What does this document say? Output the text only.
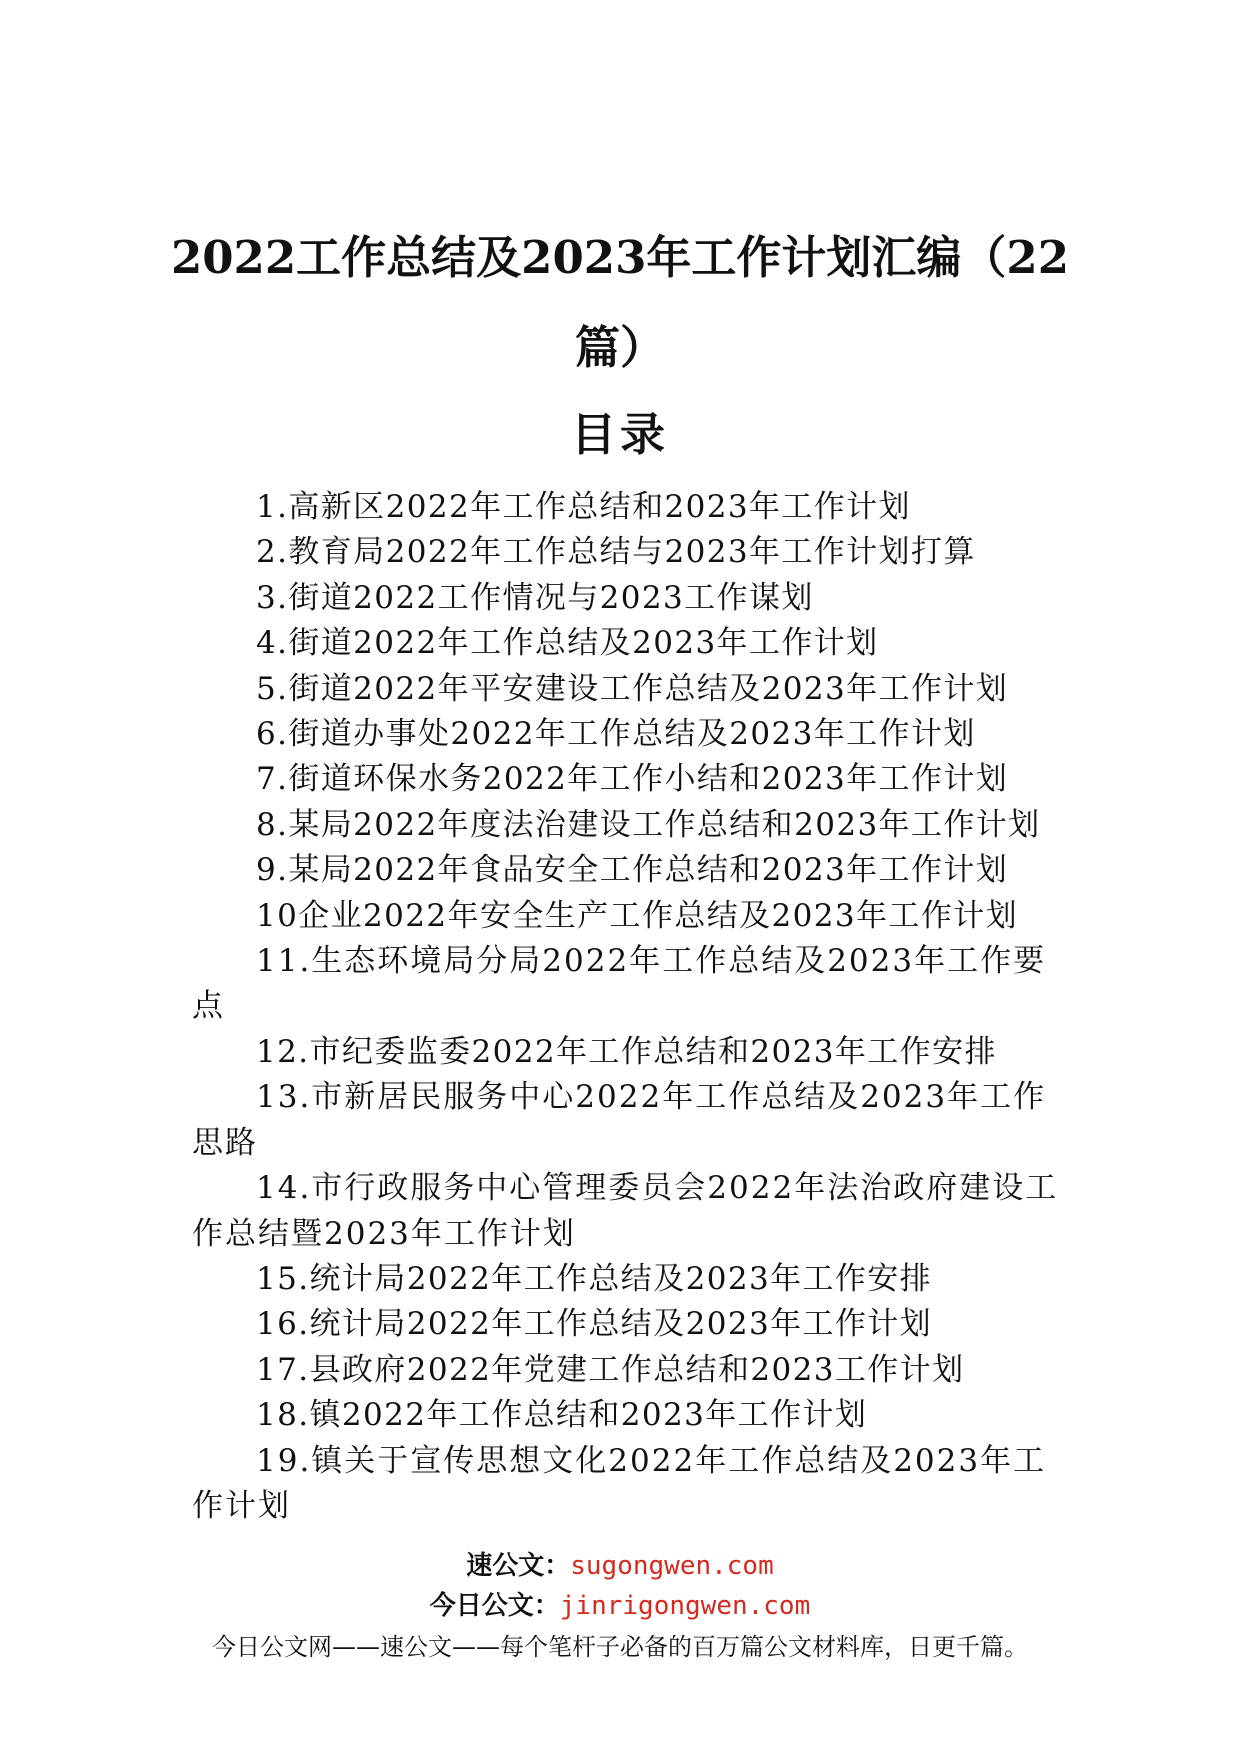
2022工作总结及2023年工作计划汇编（22
篇）
目录
1.高新区2022年工作总结和2023年工作计划
2.教育局2022年工作总结与2023年工作计划打算
3.街道2022工作情况与2023工作谋划
4.街道2022年工作总结及2023年工作计划
5.街道2022年平安建设工作总结及2023年工作计划
6.街道办事处2022年工作总结及2023年工作计划
7.街道环保水务2022年工作小结和2023年工作计划
8.某局2022年度法治建设工作总结和2023年工作计划
9.某局2022年食品安全工作总结和2023年工作计划
10企业2022年安全生产工作总结及2023年工作计划
11.生态环境局分局2022年工作总结及2023年工作要点
12.市纪委监委2022年工作总结和2023年工作安排
13.市新居民服务中心2022年工作总结及2023年工作思路
14.市行政服务中心管理委员会2022年法治政府建设工作总结暨2023年工作计划
15.统计局2022年工作总结及2023年工作安排
16.统计局2022年工作总结及2023年工作计划
17.县政府2022年党建工作总结和2023工作计划
18.镇2022年工作总结和2023年工作计划
19.镇关于宣传思想文化2022年工作总结及2023年工作计划
速公文：sugongwen.com
今日公文：jinrigongwen.com
今日公文网——速公文——每个笔杆子必备的百万篇公文材料库，日更千篇。
